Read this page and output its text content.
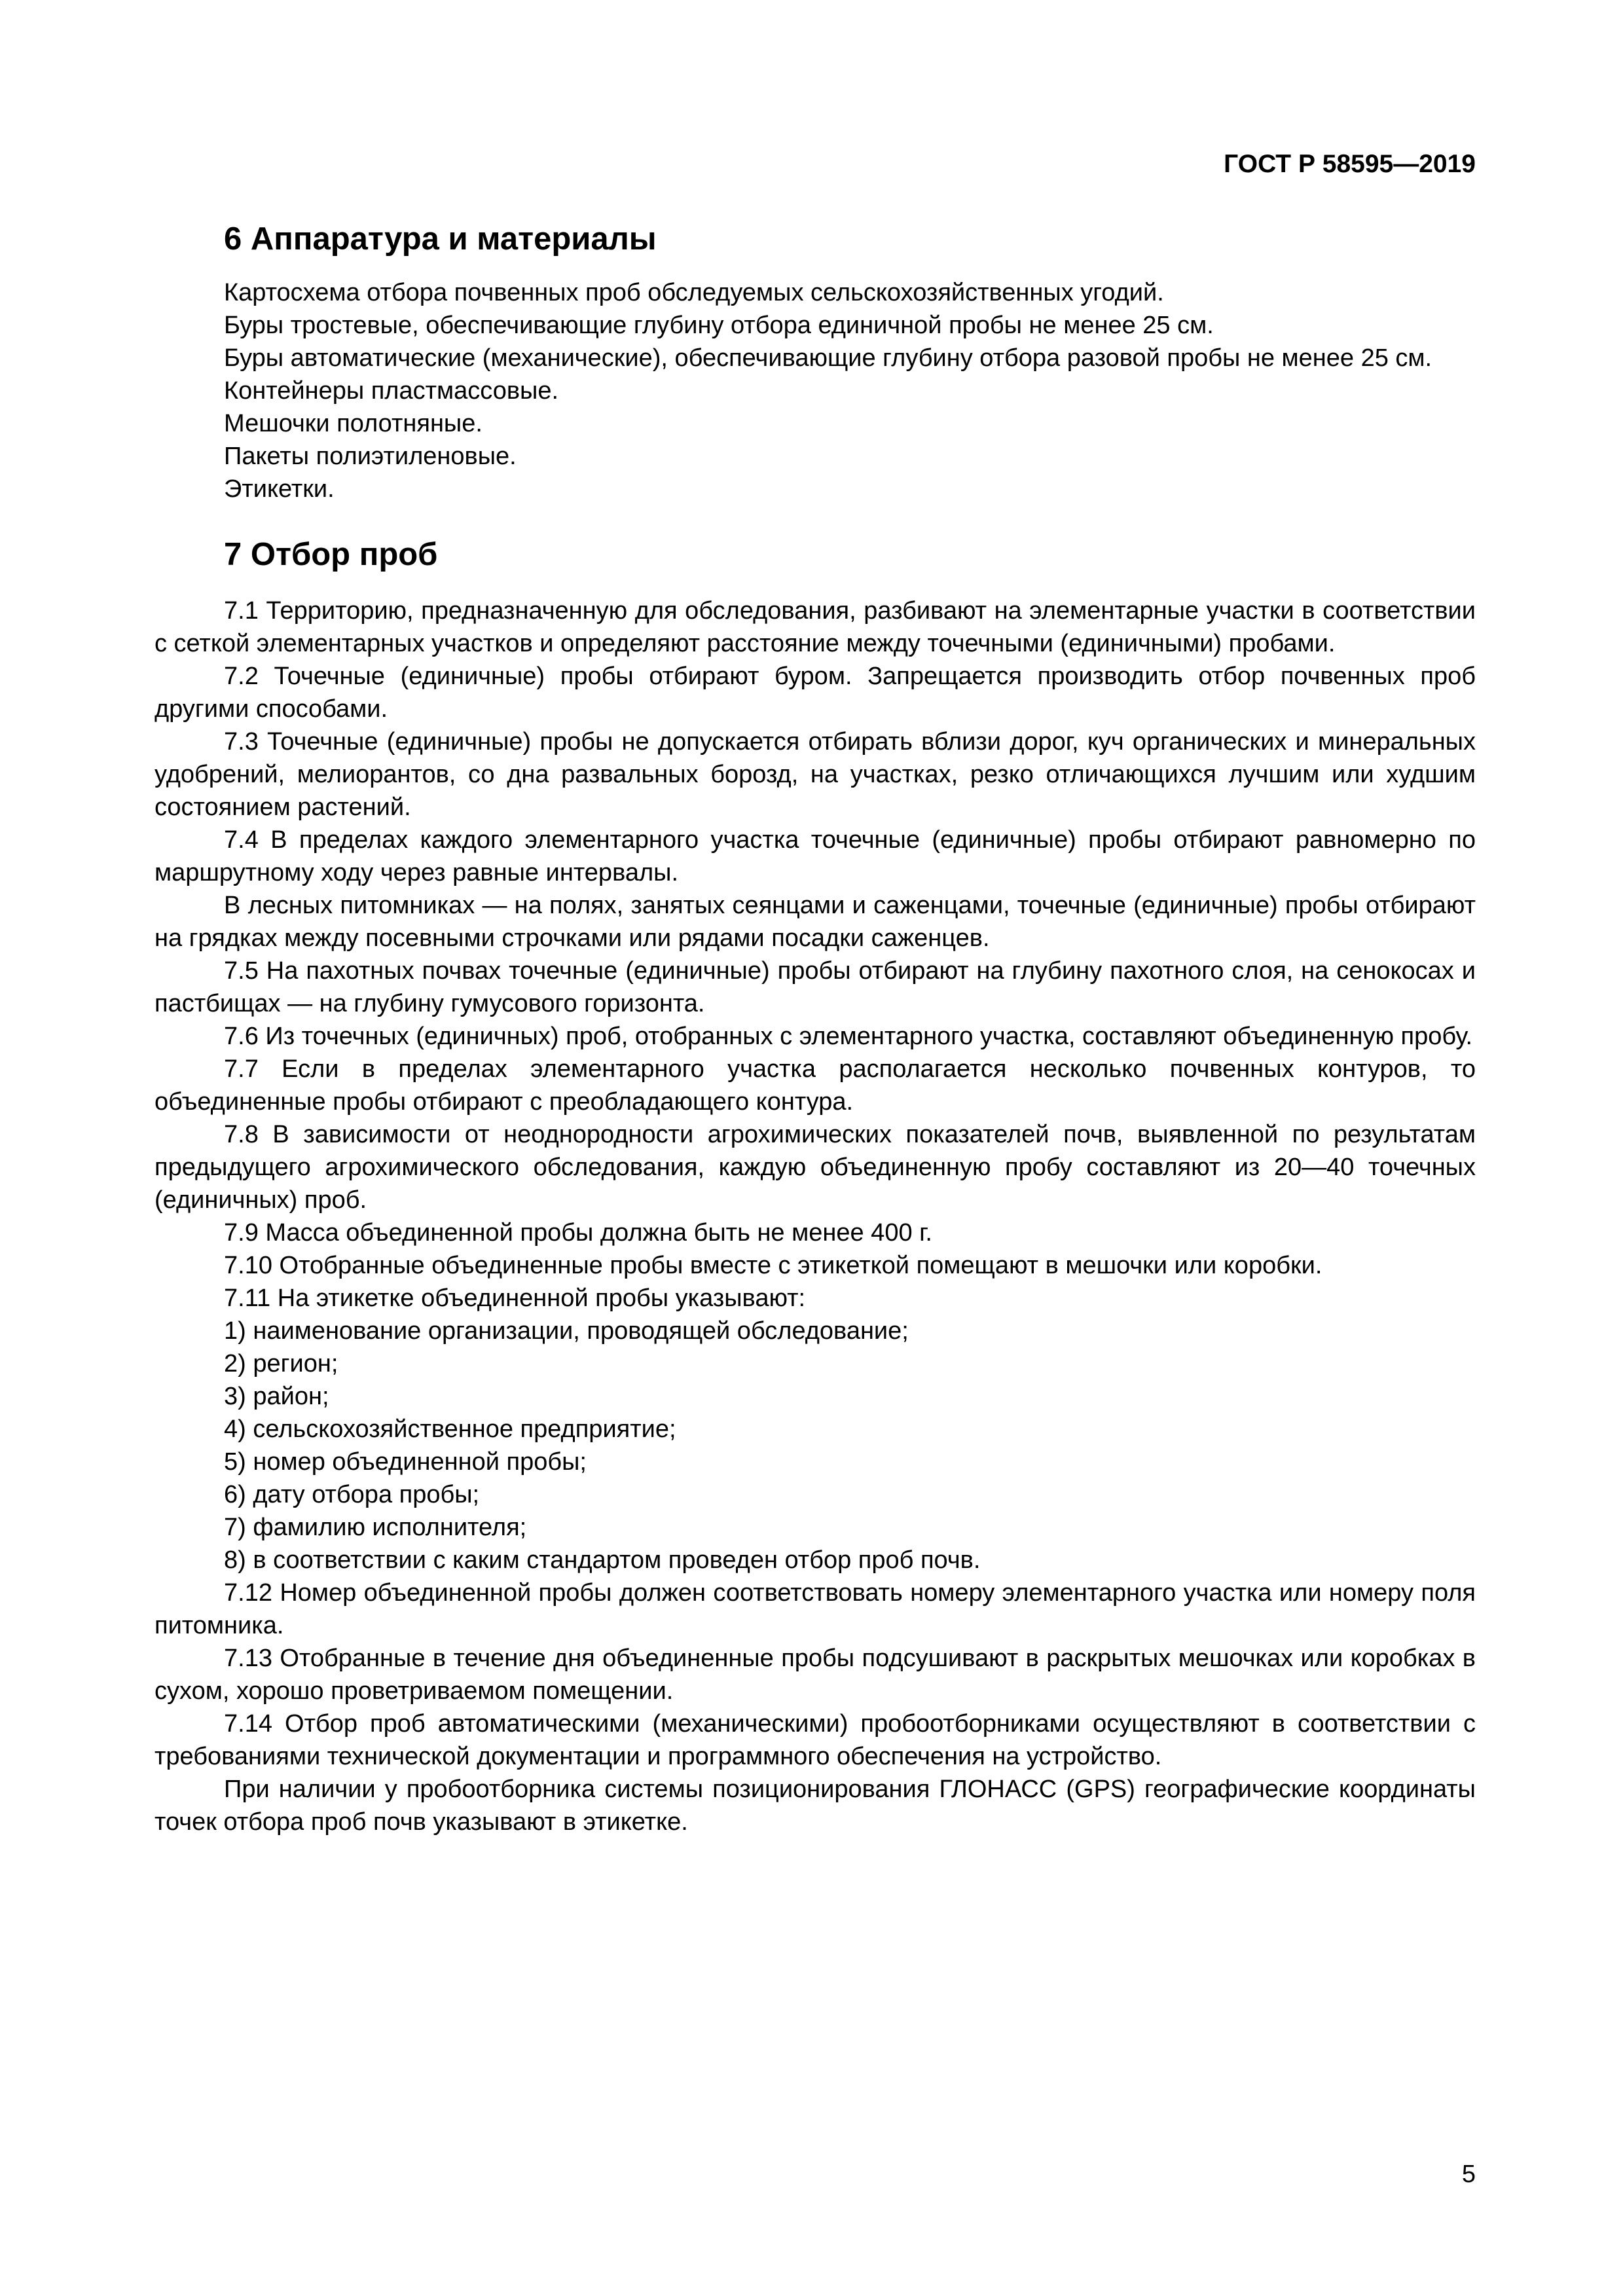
ГОСТ Р 58595—2019
6 Аппаратура и материалы

Картосхема отбора почвенных проб обследуемых сельскохозяйственных угодий.

Буры тростевые, обеспечивающие глубину отбора единичной пробы не менее 25 см.

Буры автоматические (механические), обеспечивающие глубину отбора разовой пробы не менее 25 см.

Контейнеры пластмассовые.

Мешочки полотняные.

Пакеты полиэтиленовые.

Этикетки.

7 Отбор проб

7.1 Территорию, предназначенную для обследования, разбивают на элементарные участки в соответствии с сеткой элементарных участков и определяют расстояние между точечными (единичными) пробами.

7.2 Точечные (единичные) пробы отбирают буром. Запрещается производить отбор почвенных проб другими способами.

7.3 Точечные (единичные) пробы не допускается отбирать вблизи дорог, куч органических и минеральных удобрений, мелиорантов, со дна развальных борозд, на участках, резко отличающихся лучшим или худшим состоянием растений.

7.4 В пределах каждого элементарного участка точечные (единичные) пробы отбирают равномерно по маршрутному ходу через равные интервалы.

В лесных питомниках — на полях, занятых сеянцами и саженцами, точечные (единичные) пробы отбирают на грядках между посевными строчками или рядами посадки саженцев.

7.5 На пахотных почвах точечные (единичные) пробы отбирают на глубину пахотного слоя, на сенокосах и пастбищах — на глубину гумусового горизонта.

7.6 Из точечных (единичных) проб, отобранных с элементарного участка, составляют объединенную пробу.

7.7 Если в пределах элементарного участка располагается несколько почвенных контуров, то объединенные пробы отбирают с преобладающего контура.

7.8 В зависимости от неоднородности агрохимических показателей почв, выявленной по результатам предыдущего агрохимического обследования, каждую объединенную пробу составляют из 20—40 точечных (единичных) проб.

7.9 Масса объединенной пробы должна быть не менее 400 г.

7.10 Отобранные объединенные пробы вместе с этикеткой помещают в мешочки или коробки.

7.11 На этикетке объединенной пробы указывают:

1) наименование организации, проводящей обследование;

2) регион;

3) район;

4) сельскохозяйственное предприятие;

5) номер объединенной пробы;

6) дату отбора пробы;

7) фамилию исполнителя;

8) в соответствии с каким стандартом проведен отбор проб почв.

7.12 Номер объединенной пробы должен соответствовать номеру элементарного участка или номеру поля питомника.

7.13 Отобранные в течение дня объединенные пробы подсушивают в раскрытых мешочках или коробках в сухом, хорошо проветриваемом помещении.

7.14 Отбор проб автоматическими (механическими) пробоотборниками осуществляют в соответствии с требованиями технической документации и программного обеспечения на устройство.

При наличии у пробоотборника системы позиционирования ГЛОНАСС (GPS) географические координаты точек отбора проб почв указывают в этикетке.

5
